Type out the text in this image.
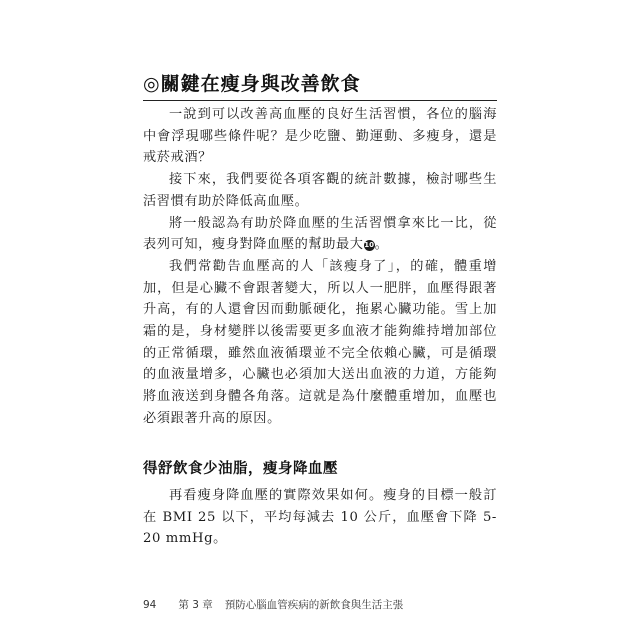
◎關鍵在瘦身與改善飲食

一說到可以改善高血壓的良好生活習慣，各位的腦海中會浮現哪些條件呢？是少吃鹽、勤運動、多瘦身，還是戒菸戒酒？

接下來，我們要從各項客觀的統計數據，檢討哪些生活習慣有助於降低高血壓。

將一般認為有助於降血壓的生活習慣拿來比一比，從表列可知，瘦身對降血壓的幫助最大10。

我們常勸告血壓高的人「該瘦身了」，的確，體重增加，但是心臟不會跟著變大，所以人一肥胖，血壓得跟著升高，有的人還會因而動脈硬化，拖累心臟功能。雪上加霜的是，身材變胖以後需要更多血液才能夠維持增加部位的正常循環，雖然血液循環並不完全依賴心臟，可是循環的血液量增多，心臟也必須加大送出血液的力道，方能夠將血液送到身體各角落。這就是為什麼體重增加，血壓也必須跟著升高的原因。

得舒飲食少油脂，瘦身降血壓

再看瘦身降血壓的實際效果如何。瘦身的目標一般訂在 BMI 25 以下，平均每減去 10 公斤，血壓會下降 5-20 mmHg。

94 第 3 章 預防心腦血管疾病的新飲食與生活主張
